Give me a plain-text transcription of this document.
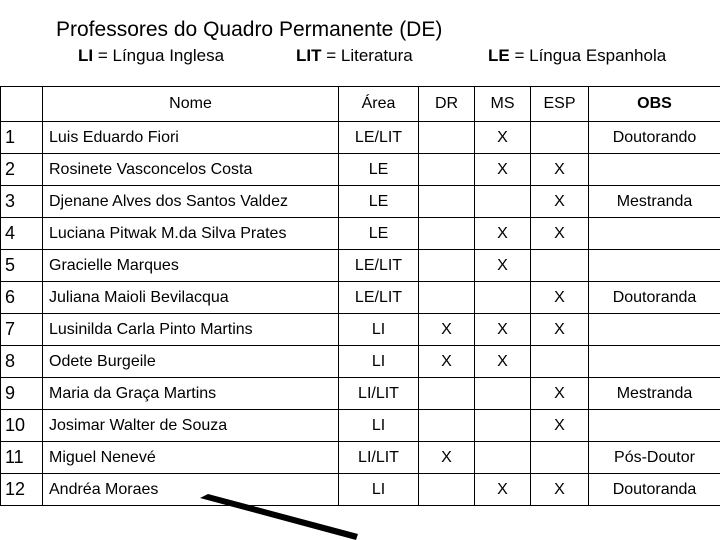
Professores do Quadro Permanente (DE)
LI = Língua Inglesa	LIT = Literatura	LE = Língua Espanhola
	Nome	Área	DR	MS	ESP	OBS
1	Luis Eduardo Fiori	LE/LIT		X		Doutorando
2	Rosinete Vasconcelos Costa	LE		X	X	
3	Djenane Alves dos Santos Valdez	LE			X	Mestranda
4	Luciana Pitwak M.da Silva Prates	LE		X	X	
5	Gracielle Marques	LE/LIT		X		
6	Juliana Maioli Bevilacqua	LE/LIT			X	Doutoranda
7	Lusinilda Carla Pinto Martins	LI	X	X	X	
8	Odete Burgeile	LI	X	X		
9	Maria da Graça Martins	LI/LIT			X	Mestranda
10	Josimar Walter de Souza	LI			X	
11	Miguel Nenevé	LI/LIT	X			Pós-Doutor
12	Andréa Moraes	LI		X	X	Doutoranda
